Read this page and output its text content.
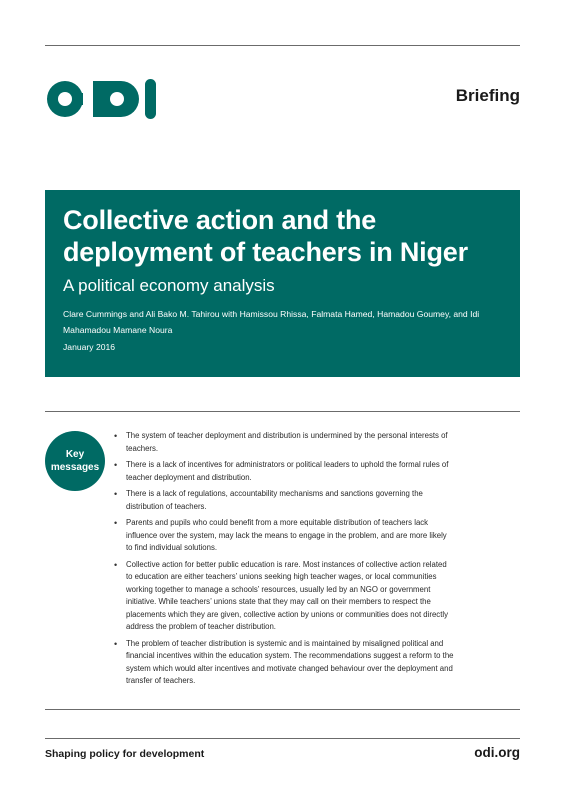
Briefing
Collective action and the
deployment of teachers in Niger

A political economy analysis

Clare Cummings and Ali Bako M. Tahirou with Hamissou Rhissa, Falmata Hamed, Hamadou Goumey, and Idi Mahamadou Mamane Noura

January 2016

Key
messages
• The system of teacher deployment and distribution is undermined by the personal interests of teachers.
• There is a lack of incentives for administrators or political leaders to uphold the formal rules of teacher deployment and distribution.
• There is a lack of regulations, accountability mechanisms and sanctions governing the distribution of teachers.
• Parents and pupils who could benefit from a more equitable distribution of teachers lack influence over the system, may lack the means to engage in the problem, and are more likely to find individual solutions.
• Collective action for better public education is rare. Most instances of collective action related to education are either teachers’ unions seeking high teacher wages, or local communities working together to manage a schools’ resources, usually led by an NGO or government initiative. While teachers’ unions state that they may call on their members to respect the placements which they are given, collective action by unions or communities does not directly address the problem of teacher distribution.
• The problem of teacher distribution is systemic and is maintained by misaligned political and financial incentives within the education system. The recommendations suggest a reform to the system which would alter incentives and motivate changed behaviour over the deployment and transfer of teachers.
Shaping policy for development	odi.org
